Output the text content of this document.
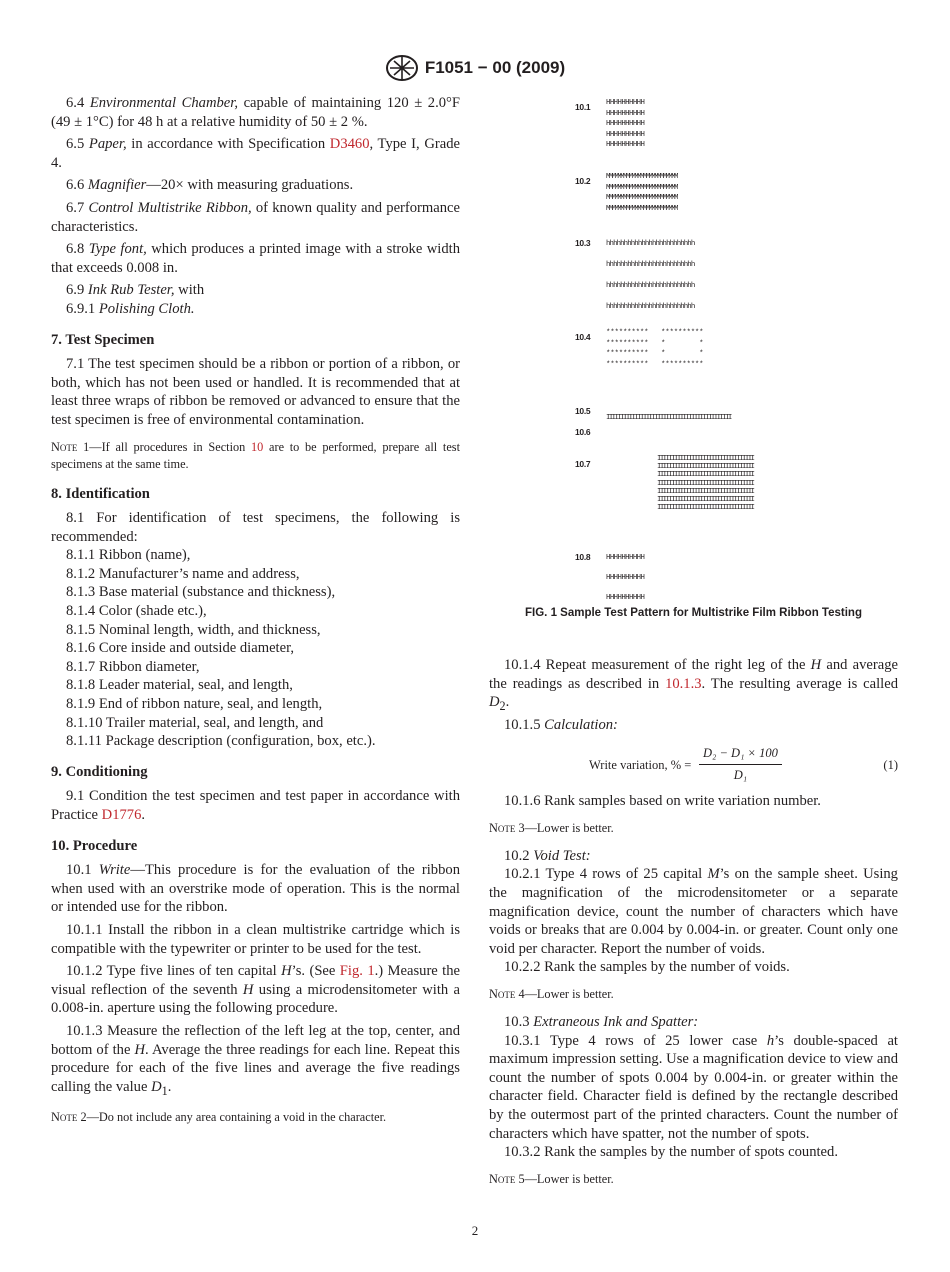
F1051 − 00 (2009)

6.4 Environmental Chamber, capable of maintaining 120 ± 2.0°F (49 ± 1°C) for 48 h at a relative humidity of 50 ± 2 %.

6.5 Paper, in accordance with Specification D3460, Type I, Grade 4.

6.6 Magnifier—20× with measuring graduations.

6.7 Control Multistrike Ribbon, of known quality and performance characteristics.

6.8 Type font, which produces a printed image with a stroke width that exceeds 0.008 in.

6.9 Ink Rub Tester, with

6.9.1 Polishing Cloth.

7. Test Specimen

7.1 The test specimen should be a ribbon or portion of a ribbon, or both, which has not been used or handled. It is recommended that at least three wraps of ribbon be removed or advanced to ensure that the test specimen is free of environmental contamination.

Note 1—If all procedures in Section 10 are to be performed, prepare all test specimens at the same time.

8. Identification

8.1 For identification of test specimens, the following is recommended:

8.1.1 Ribbon (name),

8.1.2 Manufacturer’s name and address,

8.1.3 Base material (substance and thickness),

8.1.4 Color (shade etc.),

8.1.5 Nominal length, width, and thickness,

8.1.6 Core inside and outside diameter,

8.1.7 Ribbon diameter,

8.1.8 Leader material, seal, and length,

8.1.9 End of ribbon nature, seal, and length,

8.1.10 Trailer material, seal, and length, and

8.1.11 Package description (configuration, box, etc.).

9. Conditioning

9.1 Condition the test specimen and test paper in accordance with Practice D1776.

10. Procedure

10.1 Write—This procedure is for the evaluation of the ribbon when used with an overstrike mode of operation. This is the normal or intended use for the ribbon.

10.1.1 Install the ribbon in a clean multistrike cartridge which is compatible with the typewriter or printer to be used for the test.

10.1.2 Type five lines of ten capital H’s. (See Fig. 1.) Measure the visual reflection of the seventh H using a microdensitometer with a 0.008-in. aperture using the following procedure.

10.1.3 Measure the reflection of the left leg at the top, center, and bottom of the H. Average the three readings for each line. Repeat this procedure for each of the five lines and average the five readings calling the value $D_1$.

Note 2—Do not include any area containing a void in the character.

10.1 HHHHHHHHHH
HHHHHHHHHH
HHHHHHHHHH
HHHHHHHHHH
HHHHHHHHHH
10.2 MMMMMMMMMMMMMMMMMMMMMMMMM
MMMMMMMMMMMMMMMMMMMMMMMMM
MMMMMMMMMMMMMMMMMMMMMMMMM
MMMMMMMMMMMMMMMMMMMMMMMMM
10.3 hhhhhhhhhhhhhhhhhhhhhhhhh
hhhhhhhhhhhhhhhhhhhhhhhhh
hhhhhhhhhhhhhhhhhhhhhhhhh
hhhhhhhhhhhhhhhhhhhhhhhhh
10.4 **********   **********
**********   *        *
**********   *        *
**********   **********
10.5
IIIIIIIIIIIIIIIIIIIIIIIIIIIIIIIIIIIIIIIIIIII
10.6
10.7	IIIIIIIIIIIIIIIIIIIIIIIIIIIIIIIIII
IIIIIIIIIIIIIIIIIIIIIIIIIIIIIIIIII
IIIIIIIIIIIIIIIIIIIIIIIIIIIIIIIIII
IIIIIIIIIIIIIIIIIIIIIIIIIIIIIIIIII
IIIIIIIIIIIIIIIIIIIIIIIIIIIIIIIIII
IIIIIIIIIIIIIIIIIIIIIIIIIIIIIIIIII
IIIIIIIIIIIIIIIIIIIIIIIIIIIIIIIIII
10.8 HHHHHHHHHH
HHHHHHHHHH
HHHHHHHHHH
FIG. 1 Sample Test Pattern for Multistrike Film Ribbon Testing

10.1.4 Repeat measurement of the right leg of the H and average the readings as described in 10.1.3. The resulting average is called $D_2$.

10.1.5 Calculation:

Write variation, % = $\frac{\text{D₂ − D₁ × 100}}{\text{D₁}}$	(1)

10.1.6 Rank samples based on write variation number.

Note 3—Lower is better.

10.2 Void Test:

10.2.1 Type 4 rows of 25 capital M’s on the sample sheet. Using the magnification of the microdensitometer or a separate magnification device, count the number of characters which have voids or breaks that are 0.004 by 0.004-in. or greater. Count only one void per character. Report the number of voids.

10.2.2 Rank the samples by the number of voids.

Note 4—Lower is better.

10.3 Extraneous Ink and Spatter:

10.3.1 Type 4 rows of 25 lower case h’s double-spaced at maximum impression setting. Use a magnification device to view and count the number of spots 0.004 by 0.004-in. or greater within the character field. Character field is defined by the rectangle described by the outermost part of the printed characters. Count the number of characters which have spatter, not the number of spots.

10.3.2 Rank the samples by the number of spots counted.

Note 5—Lower is better.

2
